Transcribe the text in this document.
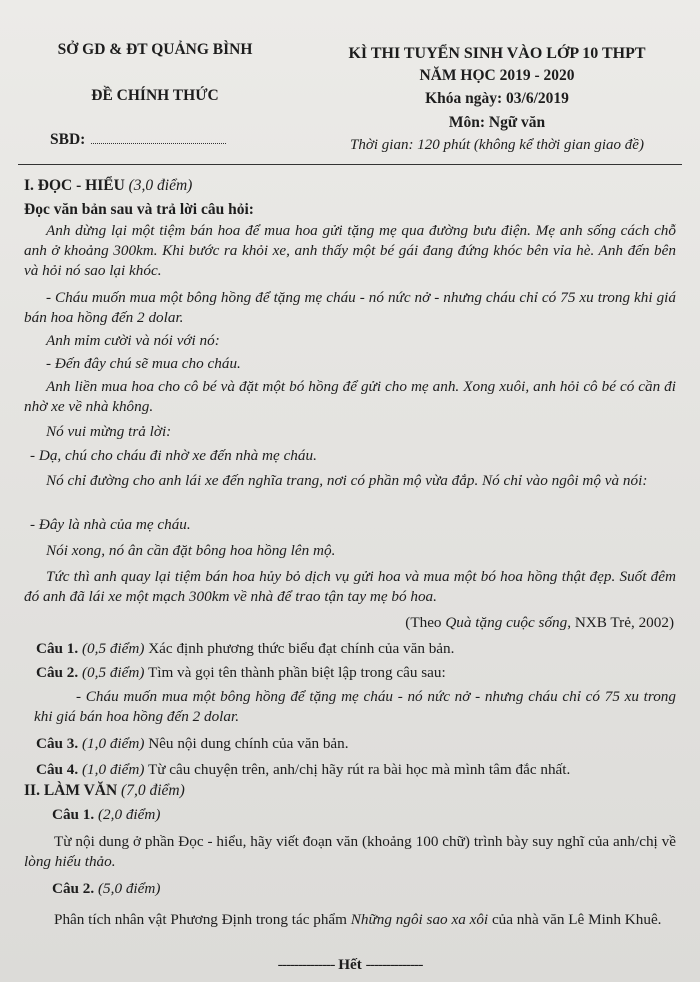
SỞ GD & ĐT QUẢNG BÌNH
ĐỀ CHÍNH THỨC
SBD:
KÌ THI TUYỂN SINH VÀO LỚP 10 THPT
NĂM HỌC 2019 - 2020
Khóa ngày: 03/6/2019
Môn: Ngữ văn
Thời gian: 120 phút (không kể thời gian giao đề)
I. ĐỌC - HIỂU (3,0 điểm)
Đọc văn bản sau và trả lời câu hỏi:
Anh dừng lại một tiệm bán hoa để mua hoa gửi tặng mẹ qua đường bưu điện. Mẹ anh sống cách chỗ anh ở khoảng 300km. Khi bước ra khỏi xe, anh thấy một bé gái đang đứng khóc bên vỉa hè. Anh đến bên và hỏi nó sao lại khóc.
- Cháu muốn mua một bông hồng để tặng mẹ cháu - nó nức nở - nhưng cháu chỉ có 75 xu trong khi giá bán hoa hồng đến 2 dolar.
Anh mỉm cười và nói với nó:
- Đến đây chú sẽ mua cho cháu.
Anh liền mua hoa cho cô bé và đặt một bó hồng để gửi cho mẹ anh. Xong xuôi, anh hỏi cô bé có cần đi nhờ xe về nhà không.
Nó vui mừng trả lời:
- Dạ, chú cho cháu đi nhờ xe đến nhà mẹ cháu.
Nó chỉ đường cho anh lái xe đến nghĩa trang, nơi có phần mộ vừa đắp. Nó chỉ vào ngôi mộ và nói:
- Đây là nhà của mẹ cháu.
Nói xong, nó ân cần đặt bông hoa hồng lên mộ.
Tức thì anh quay lại tiệm bán hoa hủy bỏ dịch vụ gửi hoa và mua một bó hoa hồng thật đẹp. Suốt đêm đó anh đã lái xe một mạch 300km về nhà để trao tận tay mẹ bó hoa.
(Theo Quà tặng cuộc sống, NXB Trẻ, 2002)
Câu 1. (0,5 điểm) Xác định phương thức biểu đạt chính của văn bản.
Câu 2. (0,5 điểm) Tìm và gọi tên thành phần biệt lập trong câu sau:
- Cháu muốn mua một bông hồng để tặng mẹ cháu - nó nức nở - nhưng cháu chỉ có 75 xu trong khi giá bán hoa hồng đến 2 dolar.
Câu 3. (1,0 điểm) Nêu nội dung chính của văn bản.
Câu 4. (1,0 điểm) Từ câu chuyện trên, anh/chị hãy rút ra bài học mà mình tâm đắc nhất.
II. LÀM VĂN (7,0 điểm)
Câu 1. (2,0 điểm)
Từ nội dung ở phần Đọc - hiểu, hãy viết đoạn văn (khoảng 100 chữ) trình bày suy nghĩ của anh/chị về lòng hiếu thảo.
Câu 2. (5,0 điểm)
Phân tích nhân vật Phương Định trong tác phẩm Những ngôi sao xa xôi của nhà văn Lê Minh Khuê.
-------------- Hết --------------
